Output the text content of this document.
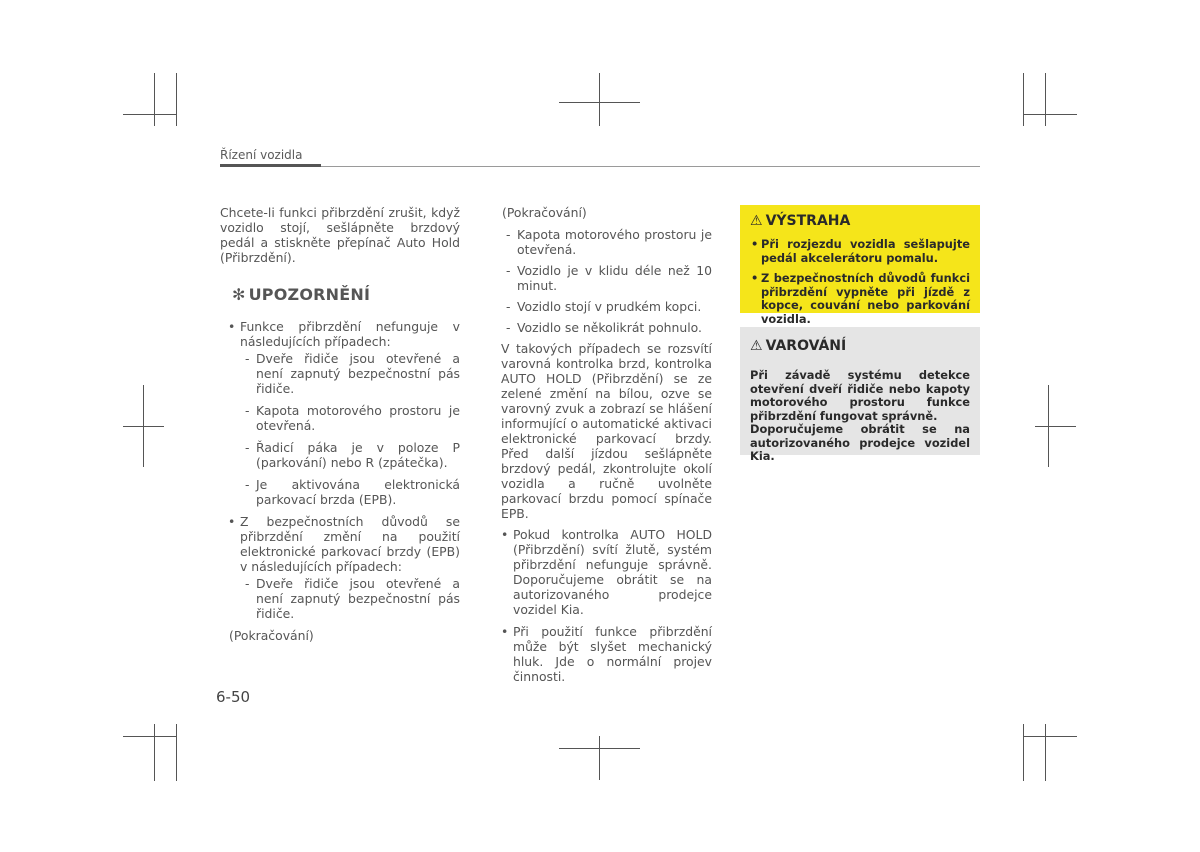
Řízení vozidla

Chcete-li funkci přibrzdění zrušit, když vozidlo stojí, sešlápněte brzdový pedál a stiskněte přepínač Auto Hold (Přibrzdění).

✻ UPOZORNĚNÍ

• Funkce přibrzdění nefunguje v následujících případech:

- Dveře řidiče jsou otevřené a není zapnutý bezpečnostní pás řidiče.

- Kapota motorového prostoru je otevřená.

- Řadicí páka je v poloze P (parkování) nebo R (zpátečka).

- Je aktivována elektronická parkovací brzda (EPB).

• Z bezpečnostních důvodů se přibrzdění změní na použití elektronické parkovací brzdy (EPB) v následujících případech:

- Dveře řidiče jsou otevřené a není zapnutý bezpečnostní pás řidiče.

(Pokračování)
(Pokračování)

- Kapota motorového prostoru je otevřená.

- Vozidlo je v klidu déle než 10 minut.

- Vozidlo stojí v prudkém kopci.

- Vozidlo se několikrát pohnulo.

V takových případech se rozsvítí varovná kontrolka brzd, kontrolka AUTO HOLD (Přibrzdění) se ze zelené změní na bílou, ozve se varovný zvuk a zobrazí se hlášení informující o automatické aktivaci elektronické parkovací brzdy. Před další jízdou sešlápněte brzdový pedál, zkontrolujte okolí vozidla a ručně uvolněte parkovací brzdu pomocí spínače EPB.

• Pokud kontrolka AUTO HOLD (Přibrzdění) svítí žlutě, systém přibrzdění nefunguje správně. Doporučujeme obrátit se na autorizovaného prodejce vozidel Kia.

• Při použití funkce přibrzdění může být slyšet mechanický hluk. Jde o normální projev činnosti.

⚠ VÝSTRAHA
• Při rozjezdu vozidla sešlapujte pedál akcelerátoru pomalu.
• Z bezpečnostních důvodů funkci přibrzdění vypněte při jízdě z kopce, couvání nebo parkování vozidla.
⚠ VAROVÁNÍ

Při závadě systému detekce otevření dveří řidiče nebo kapoty motorového prostoru funkce přibrzdění fungovat správně.

Doporučujeme obrátit se na autorizovaného prodejce vozidel Kia.

6-50
